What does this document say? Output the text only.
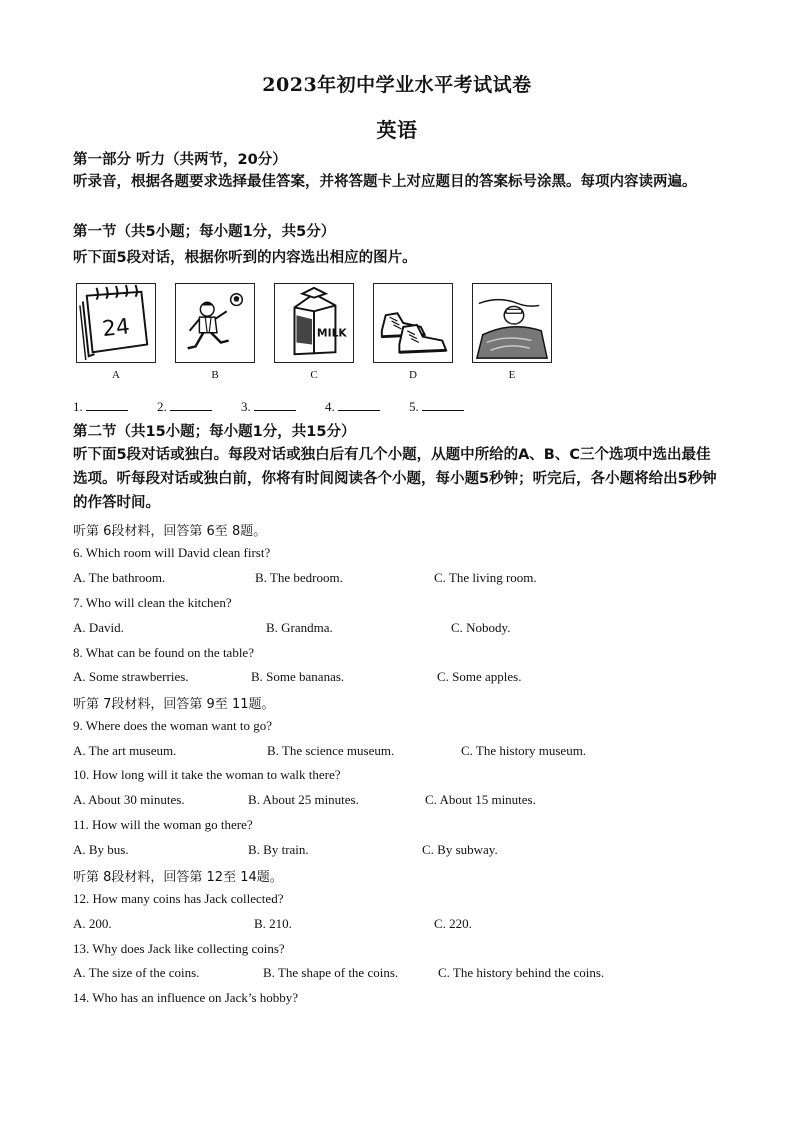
2023年初中学业水平考试试卷
英语
第一部分 听力（共两节，20分）
听录音，根据各题要求选择最佳答案，并将答题卡上对应题目的答案标号涂黑。每项内容读两遍。
第一节（共5小题；每小题1分，共5分）
听下面5段对话，根据你听到的内容选出相应的图片。
24	MILK
A	B	C	D	E
1.	2.	3.	4.	5.
第二节（共15小题；每小题1分，共15分）
听下面5段对话或独白。每段对话或独白后有几个小题，从题中所给的A、B、C三个选项中选出最佳选项。听每段对话或独白前，你将有时间阅读各个小题，每小题5秒钟；听完后，各小题将给出5秒钟的作答时间。
听第 6段材料，回答第 6至 8题。
6. Which room will David clean first?
A. The bathroom.	B. The bedroom.	C. The living room.
7. Who will clean the kitchen?
A. David.	B. Grandma.	C. Nobody.
8. What can be found on the table?
A. Some strawberries.	B. Some bananas.	C. Some apples.
听第 7段材料，回答第 9至 11题。
9. Where does the woman want to go?
A. The art museum.	B. The science museum.	C. The history museum.
10. How long will it take the woman to walk there?
A. About 30 minutes.	B. About 25 minutes.	C. About 15 minutes.
11. How will the woman go there?
A. By bus.	B. By train.	C. By subway.
听第 8段材料，回答第 12至 14题。
12. How many coins has Jack collected?
A. 200.	B. 210.	C. 220.
13. Why does Jack like collecting coins?
A. The size of the coins.	B. The shape of the coins.	C. The history behind the coins.
14. Who has an influence on Jack’s hobby?
